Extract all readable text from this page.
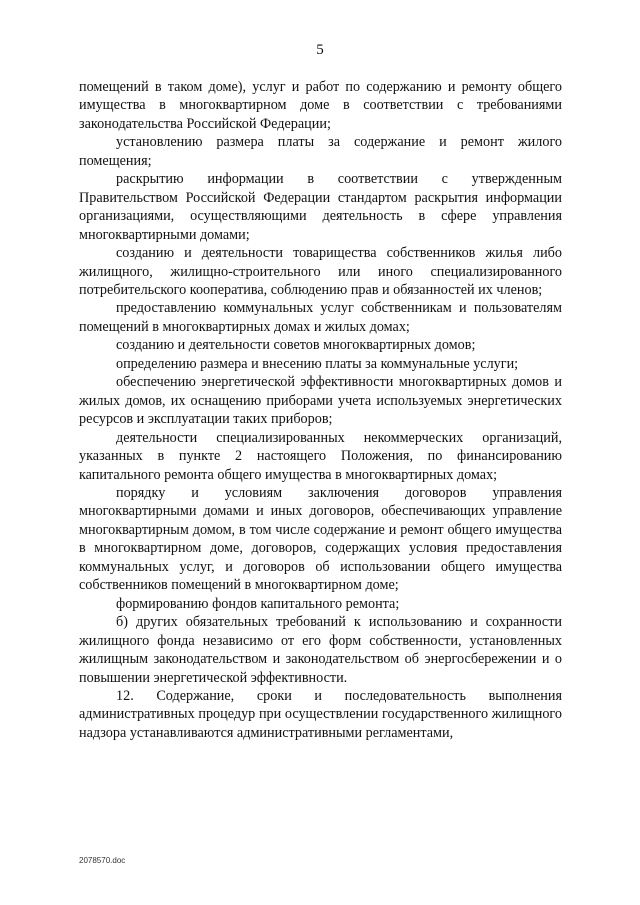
5

помещений в таком доме), услуг и работ по содержанию и ремонту общего имущества в многоквартирном доме в соответствии с требованиями законодательства Российской Федерации;

установлению размера платы за содержание и ремонт жилого помещения;

раскрытию информации в соответствии с утвержденным Правительством Российской Федерации стандартом раскрытия информации организациями, осуществляющими деятельность в сфере управления многоквартирными домами;

созданию и деятельности товарищества собственников жилья либо жилищного, жилищно-строительного или иного специализированного потребительского кооператива, соблюдению прав и обязанностей их членов;

предоставлению коммунальных услуг собственникам и пользователям помещений в многоквартирных домах и жилых домах;

созданию и деятельности советов многоквартирных домов;

определению размера и внесению платы за коммунальные услуги;

обеспечению энергетической эффективности многоквартирных домов и жилых домов, их оснащению приборами учета используемых энергетических ресурсов и эксплуатации таких приборов;

деятельности специализированных некоммерческих организаций, указанных в пункте 2 настоящего Положения, по финансированию капитального ремонта общего имущества в многоквартирных домах;

порядку и условиям заключения договоров управления многоквартирными домами и иных договоров, обеспечивающих управление многоквартирным домом, в том числе содержание и ремонт общего имущества в многоквартирном доме, договоров, содержащих условия предоставления коммунальных услуг, и договоров об использовании общего имущества собственников помещений в многоквартирном доме;

формированию фондов капитального ремонта;

б) других обязательных требований к использованию и сохранности жилищного фонда независимо от его форм собственности, установленных жилищным законодательством и законодательством об энергосбережении и о повышении энергетической эффективности.

12. Содержание, сроки и последовательность выполнения административных процедур при осуществлении государственного жилищного надзора устанавливаются административными регламентами,

2078570.doc
